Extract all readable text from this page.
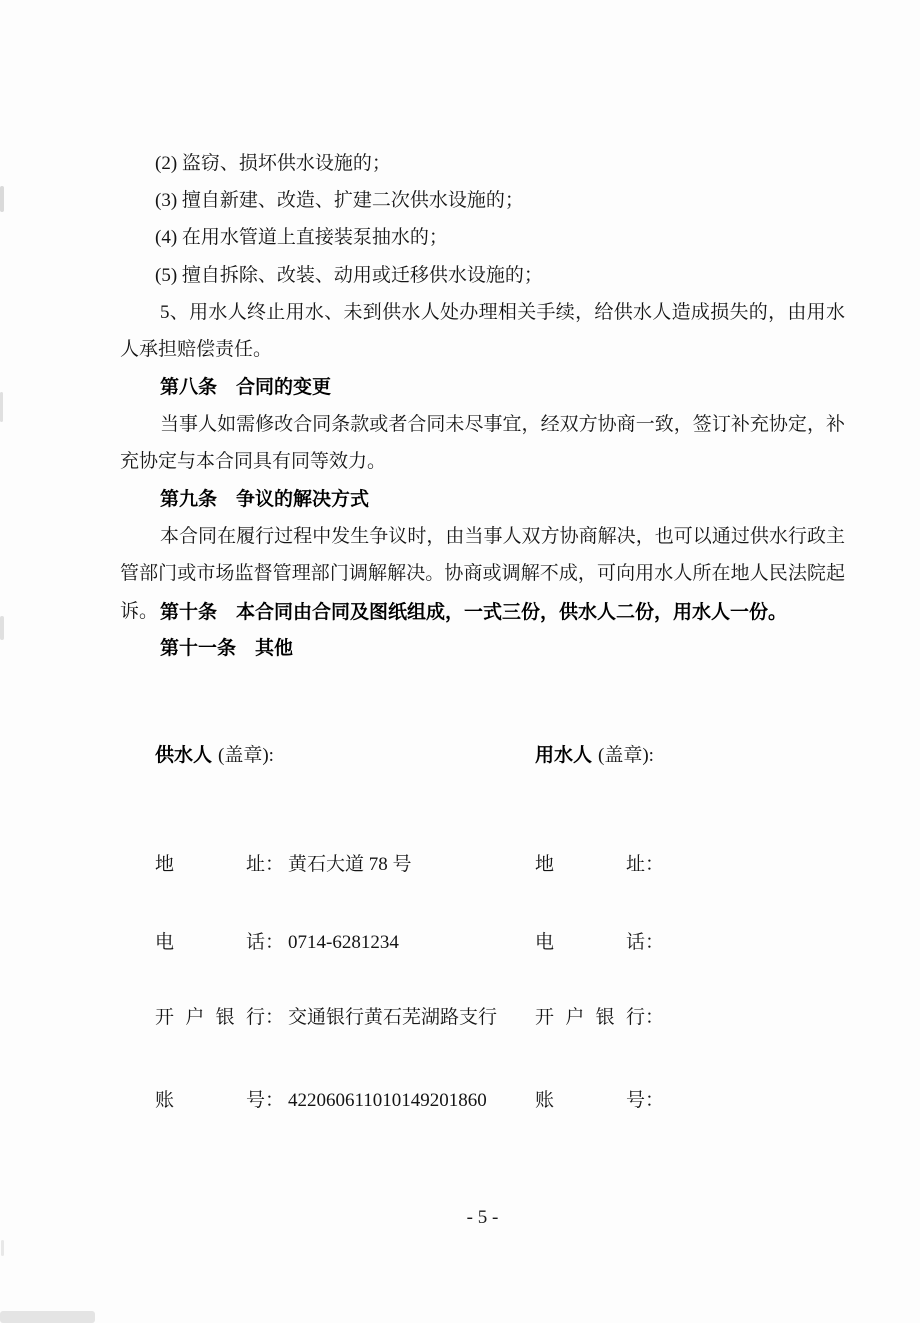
(2) 盗窃、损坏供水设施的；
(3) 擅自新建、改造、扩建二次供水设施的；
(4) 在用水管道上直接装泵抽水的；
(5) 擅自拆除、改装、动用或迁移供水设施的；
5、用水人终止用水、未到供水人处办理相关手续，给供水人造成损失的，由用水人承担赔偿责任。
第八条　合同的变更
当事人如需修改合同条款或者合同未尽事宜，经双方协商一致，签订补充协定，补充协定与本合同具有同等效力。
第九条　争议的解决方式
本合同在履行过程中发生争议时，由当事人双方协商解决，也可以通过供水行政主管部门或市场监督管理部门调解解决。协商或调解不成，可向用水人所在地人民法院起诉。 第十条　本合同由合同及图纸组成，一式三份，供水人二份，用水人一份。
第十一条　其他
供水人 (盖章):
地址： 黄石大道 78 号
电话： 0714-6281234
开户银行： 交通银行黄石芜湖路支行
账号： 422060611010149201860
用水人 (盖章):
地址：
电话：
开户银行：
账号：
- 5 -
